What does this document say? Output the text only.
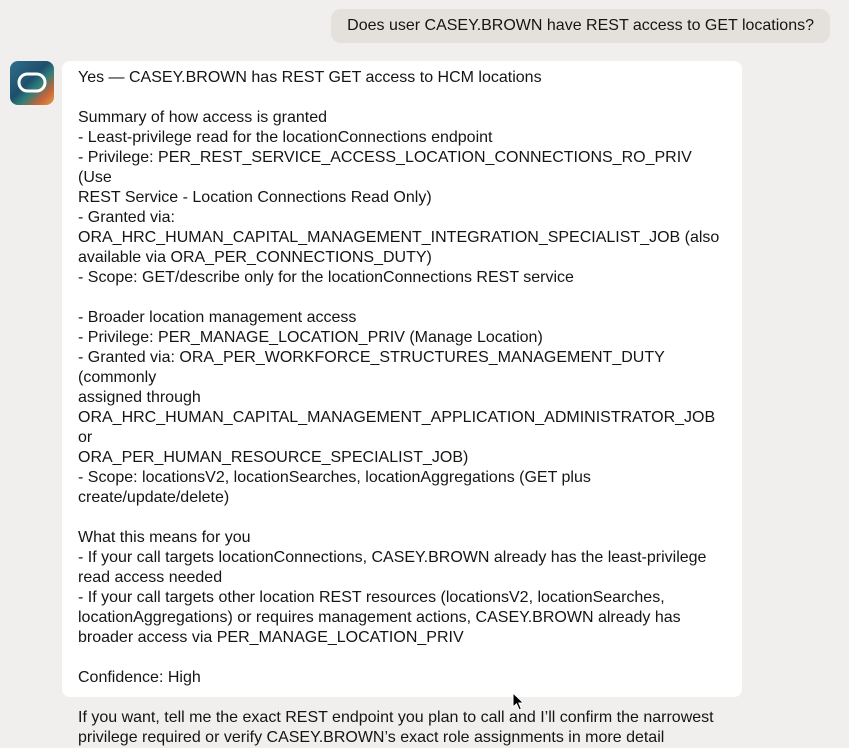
Does user CASEY.BROWN have REST access to GET locations?
Yes — CASEY.BROWN has REST GET access to HCM locations
Summary of how access is granted
- Least-privilege read for the locationConnections endpoint
- Privilege: PER_REST_SERVICE_ACCESS_LOCATION_CONNECTIONS_RO_PRIV (Use
REST Service - Location Connections Read Only)
- Granted via:
ORA_HRC_HUMAN_CAPITAL_MANAGEMENT_INTEGRATION_SPECIALIST_JOB (also
available via ORA_PER_CONNECTIONS_DUTY)
- Scope: GET/describe only for the locationConnections REST service
- Broader location management access
- Privilege: PER_MANAGE_LOCATION_PRIV (Manage Location)
- Granted via: ORA_PER_WORKFORCE_STRUCTURES_MANAGEMENT_DUTY (commonly
assigned through
ORA_HRC_HUMAN_CAPITAL_MANAGEMENT_APPLICATION_ADMINISTRATOR_JOB or
ORA_PER_HUMAN_RESOURCE_SPECIALIST_JOB)
- Scope: locationsV2, locationSearches, locationAggregations (GET plus
create/update/delete)
What this means for you
- If your call targets locationConnections, CASEY.BROWN already has the least-privilege
read access needed
- If your call targets other location REST resources (locationsV2, locationSearches,
locationAggregations) or requires management actions, CASEY.BROWN already has
broader access via PER_MANAGE_LOCATION_PRIV
Confidence: High
If you want, tell me the exact REST endpoint you plan to call and I’ll confirm the narrowest
privilege required or verify CASEY.BROWN’s exact role assignments in more detail
